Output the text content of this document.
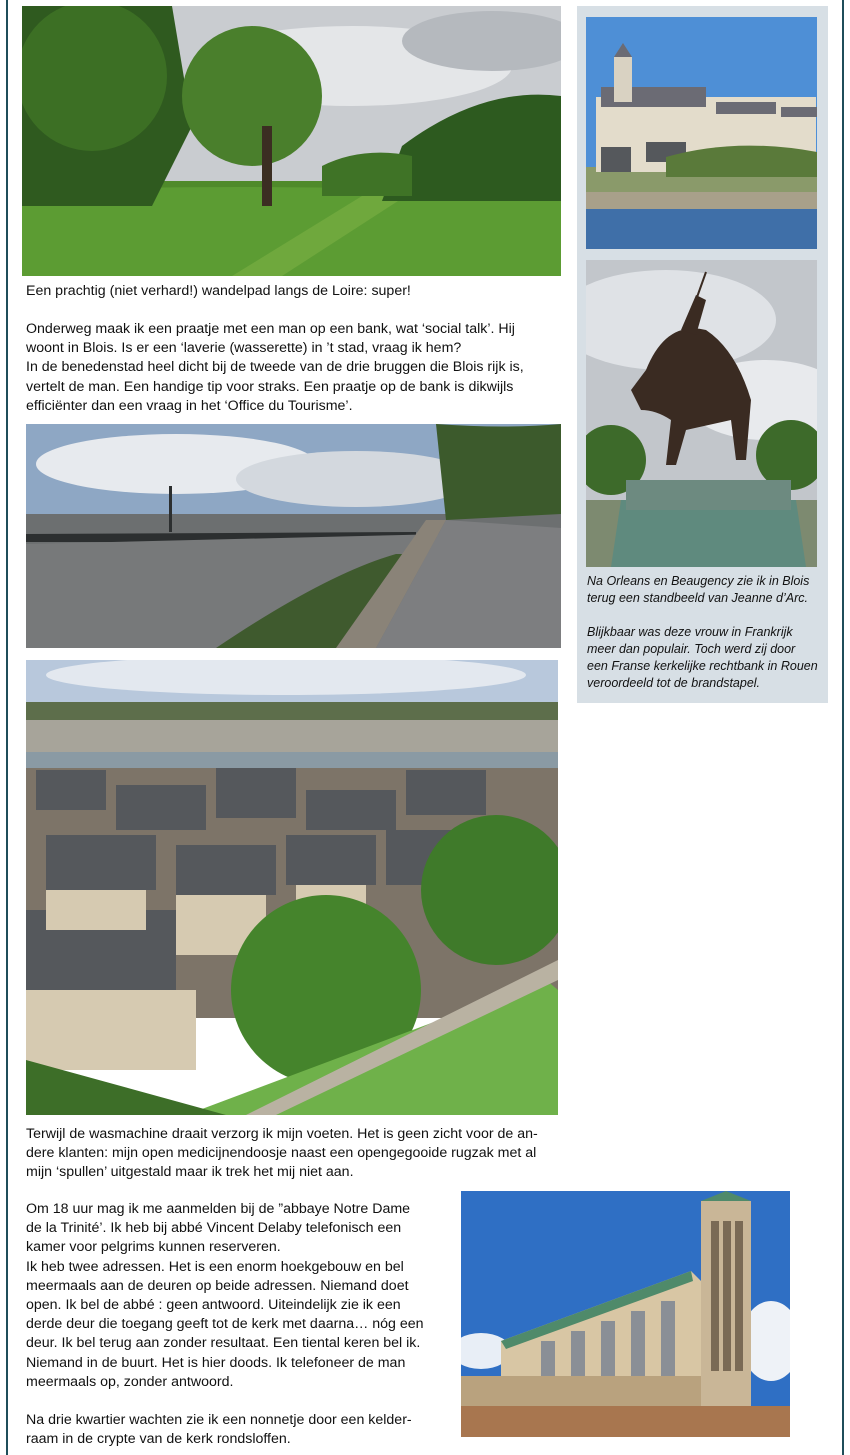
Een prachtig (niet verhard!) wandelpad langs de Loire: super!

Onderweg maak ik een praatje met een man op een bank, wat ‘social talk’. Hij

woont in Blois. Is er een ‘laverie (wasserette) in ’t stad, vraag ik hem?

In de benedenstad heel dicht bij de tweede van de drie bruggen die Blois rijk is,

vertelt de man. Een handige tip voor straks. Een praatje op de bank is dikwijls

efficiënter dan een vraag in het ‘Office du Tourisme’.

Terwijl de wasmachine draait verzorg ik mijn voeten. Het is geen zicht voor de an-

dere klanten: mijn open medicijnendoosje naast een opengegooide rugzak met al

mijn ‘spullen’ uitgestald maar ik trek het mij niet aan.

Om 18 uur mag ik me aanmelden bij de ”abbaye Notre Dame

de la Trinité’. Ik heb bij abbé Vincent Delaby telefonisch een

kamer voor pelgrims kunnen reserveren.

Ik heb twee adressen. Het is een enorm hoekgebouw en bel

meermaals aan de deuren op beide adressen. Niemand doet

open. Ik bel de abbé : geen antwoord. Uiteindelijk zie ik een

derde deur die toegang geeft tot de kerk met daarna… nóg een

deur. Ik bel terug aan zonder resultaat. Een tiental keren bel ik.

Niemand in de buurt. Het is hier doods. Ik telefoneer de man

meermaals op, zonder antwoord.

Na drie kwartier wachten zie ik een nonnetje door een kelder-

raam in de crypte van de kerk rondsloffen.

Na Orleans en Beaugency zie ik in Blois

terug een standbeeld van Jeanne d’Arc.

Blijkbaar was deze vrouw in Frankrijk

meer dan populair. Toch werd zij door

een Franse kerkelijke rechtbank in Rouen

veroordeeld tot de brandstapel.
